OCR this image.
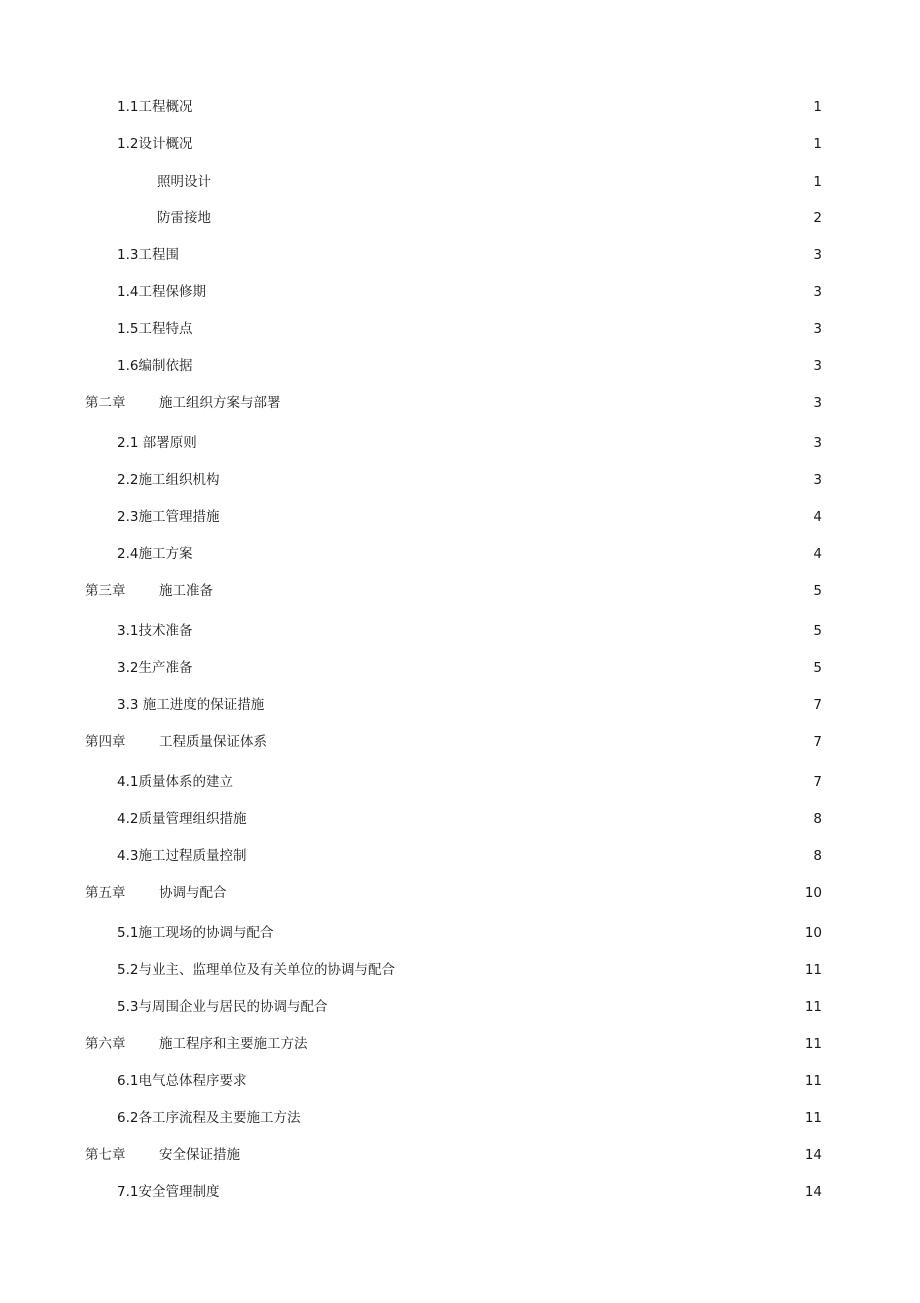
1.1工程概况	1
1.2设计概况	1
照明设计	1
防雷接地	2
1.3工程围	3
1.4工程保修期	3
1.5工程特点	3
1.6编制依据	3
第二章	施工组织方案与部署	3
2.1 部署原则	3
2.2施工组织机构	3
2.3施工管理措施	4
2.4施工方案	4
第三章	施工准备	5
3.1技术准备	5
3.2生产准备	5
3.3 施工进度的保证措施	7
第四章	工程质量保证体系	7
4.1质量体系的建立	7
4.2质量管理组织措施	8
4.3施工过程质量控制	8
第五章	协调与配合	10
5.1施工现场的协调与配合	10
5.2与业主、监理单位及有关单位的协调与配合	11
5.3与周围企业与居民的协调与配合	11
第六章	施工程序和主要施工方法	11
6.1电气总体程序要求	11
6.2各工序流程及主要施工方法	11
第七章	安全保证措施	14
7.1安全管理制度	14
